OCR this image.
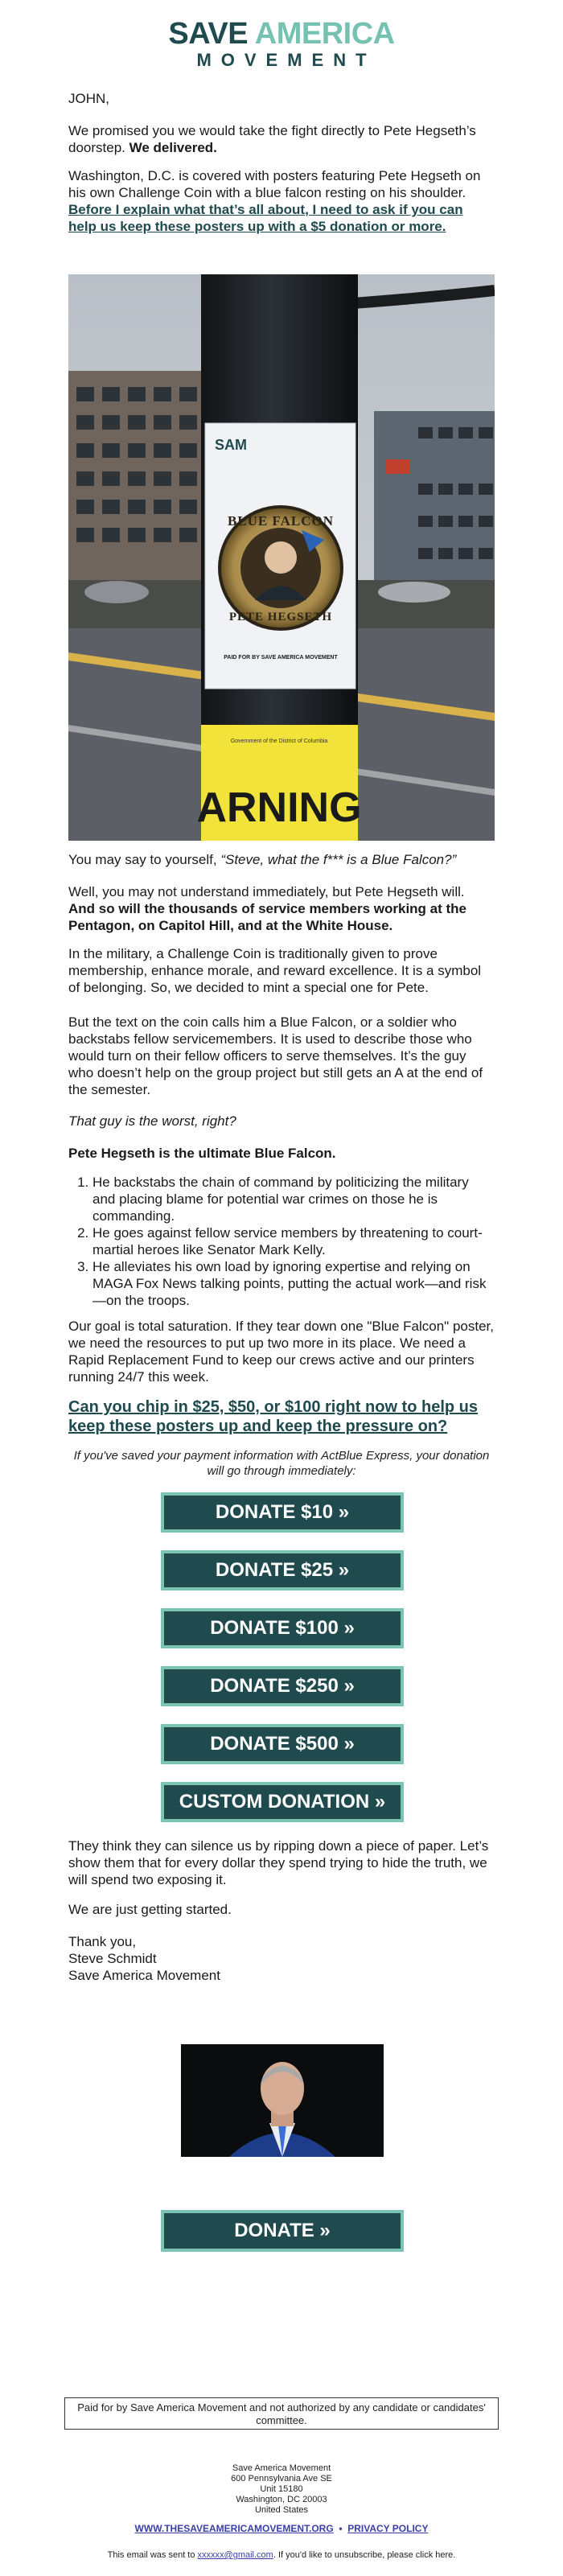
SAVE AMERICA
MOVEMENT
JOHN,

We promised you we would take the fight directly to Pete Hegseth’s doorstep. We delivered.

Washington, D.C. is covered with posters featuring Pete Hegseth on his own Challenge Coin with a blue falcon resting on his shoulder. Before I explain what that’s all about, I need to ask if you can help us keep these posters up with a $5 donation or more.

SAM
BLUE FALCON
PETE HEGSETH
PAID FOR BY SAVE AMERICA MOVEMENT
Government of the District of Columbia
ARNING

You may say to yourself, “Steve, what the f*** is a Blue Falcon?”

Well, you may not understand immediately, but Pete Hegseth will. And so will the thousands of service members working at the Pentagon, on Capitol Hill, and at the White House.

In the military, a Challenge Coin is traditionally given to prove membership, enhance morale, and reward excellence. It is a symbol of belonging. So, we decided to mint a special one for Pete.
But the text on the coin calls him a Blue Falcon, or a soldier who backstabs fellow servicemembers. It is used to describe those who would turn on their fellow officers to serve themselves. It’s the guy who doesn’t help on the group project but still gets an A at the end of the semester.
That guy is the worst, right?
Pete Hegseth is the ultimate Blue Falcon.
1. He backstabs the chain of command by politicizing the military and placing blame for potential war crimes on those he is commanding.
2. He goes against fellow service members by threatening to court-martial heroes like Senator Mark Kelly.
3. He alleviates his own load by ignoring expertise and relying on MAGA Fox News talking points, putting the actual work—and risk—on the troops.
Our goal is total saturation. If they tear down one "Blue Falcon" poster, we need the resources to put up two more in its place. We need a Rapid Replacement Fund to keep our crews active and our printers running 24/7 this week.
Can you chip in $25, $50, or $100 right now to help us keep these posters up and keep the pressure on?
If you've saved your payment information with ActBlue Express, your donation will go through immediately:
DONATE $10 »
DONATE $25 »
DONATE $100 »
DONATE $250 »
DONATE $500 »
CUSTOM DONATION »
They think they can silence us by ripping down a piece of paper. Let’s show them that for every dollar they spend trying to hide the truth, we will spend two exposing it.
We are just getting started.
Thank you,
Steve Schmidt
Save America Movement
DONATE »
Paid for by Save America Movement and not authorized by any candidate or candidates' committee.
Save America Movement
600 Pennsylvania Ave SE
Unit 15180
Washington, DC 20003
United States
WWW.THESAVEAMERICAMOVEMENT.ORG • PRIVACY POLICY
This email was sent to xxxxxx@gmail.com. If you'd like to unsubscribe, please click here.
